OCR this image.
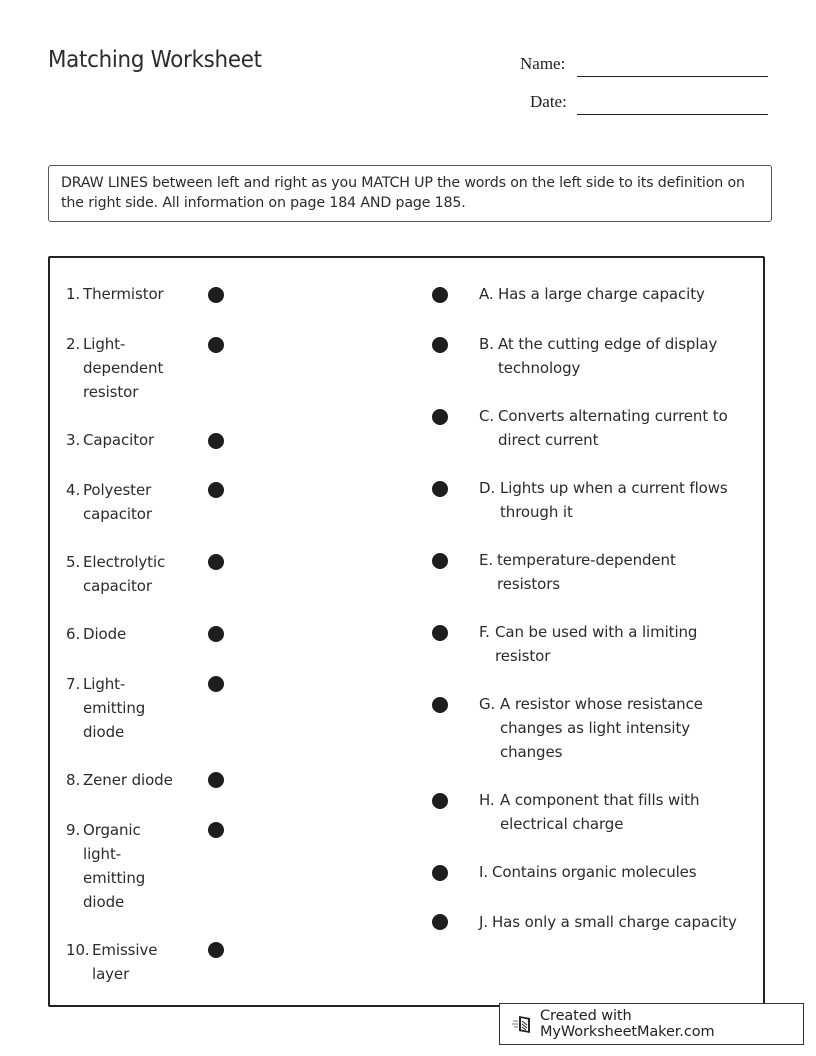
Matching Worksheet	Name:
Date:
DRAW LINES between left and right as you MATCH UP the words on the left side to its definition on the right side. All information on page 184 AND page 185.
1. Thermistor
2. Light-
dependent
resistor
3. Capacitor
4. Polyester
capacitor
5. Electrolytic
capacitor
6. Diode
7. Light-
emitting
diode
8. Zener diode
9. Organic
light-
emitting
diode
10. Emissive
layer
A. Has a large charge capacity
B. At the cutting edge of display
technology
C. Converts alternating current to
direct current
D. Lights up when a current flows
through it
E. temperature-dependent
resistors
F. Can be used with a limiting
resistor
G. A resistor whose resistance
changes as light intensity
changes
H. A component that fills with
electrical charge
I. Contains organic molecules
J. Has only a small charge capacity
Created with MyWorksheetMaker.com
